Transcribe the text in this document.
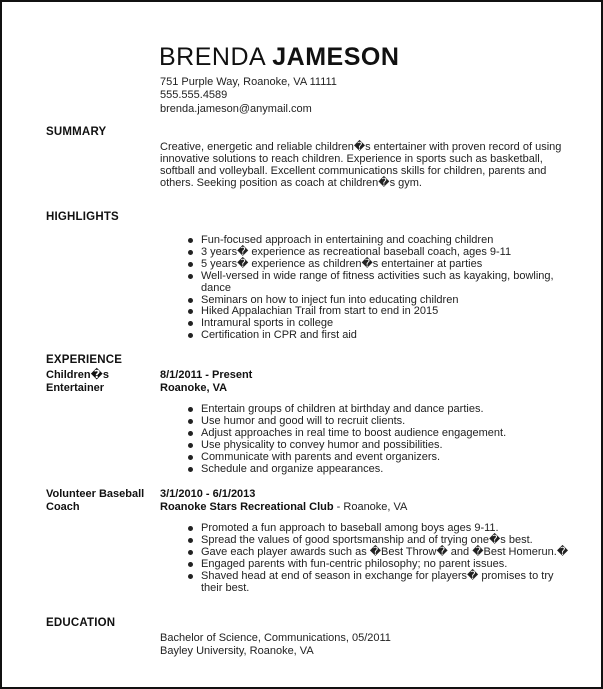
BRENDA JAMESON
751 Purple Way, Roanoke, VA 11111
555.555.4589
brenda.jameson@anymail.com
SUMMARY
Creative, energetic and reliable children�s entertainer with proven record of using innovative solutions to reach children. Experience in sports such as basketball, softball and volleyball. Excellent communications skills for children, parents and others. Seeking position as coach at children�s gym.
HIGHLIGHTS
Fun-focused approach in entertaining and coaching children
3 years� experience as recreational baseball coach, ages 9-11
5 years� experience as children�s entertainer at parties
Well-versed in wide range of fitness activities such as kayaking, bowling, dance
Seminars on how to inject fun into educating children
Hiked Appalachian Trail from start to end in 2015
Intramural sports in college
Certification in CPR and first aid
EXPERIENCE
Children�s Entertainer
8/1/2011 - Present
Roanoke, VA
Entertain groups of children at birthday and dance parties.
Use humor and good will to recruit clients.
Adjust approaches in real time to boost audience engagement.
Use physicality to convey humor and possibilities.
Communicate with parents and event organizers.
Schedule and organize appearances.
Volunteer Baseball Coach
3/1/2010 - 6/1/2013
Roanoke Stars Recreational Club - Roanoke, VA
Promoted a fun approach to baseball among boys ages 9-11.
Spread the values of good sportsmanship and of trying one�s best.
Gave each player awards such as �Best Throw� and �Best Homerun.�
Engaged parents with fun-centric philosophy; no parent issues.
Shaved head at end of season in exchange for players� promises to try their best.
EDUCATION
Bachelor of Science, Communications, 05/2011
Bayley University, Roanoke, VA
